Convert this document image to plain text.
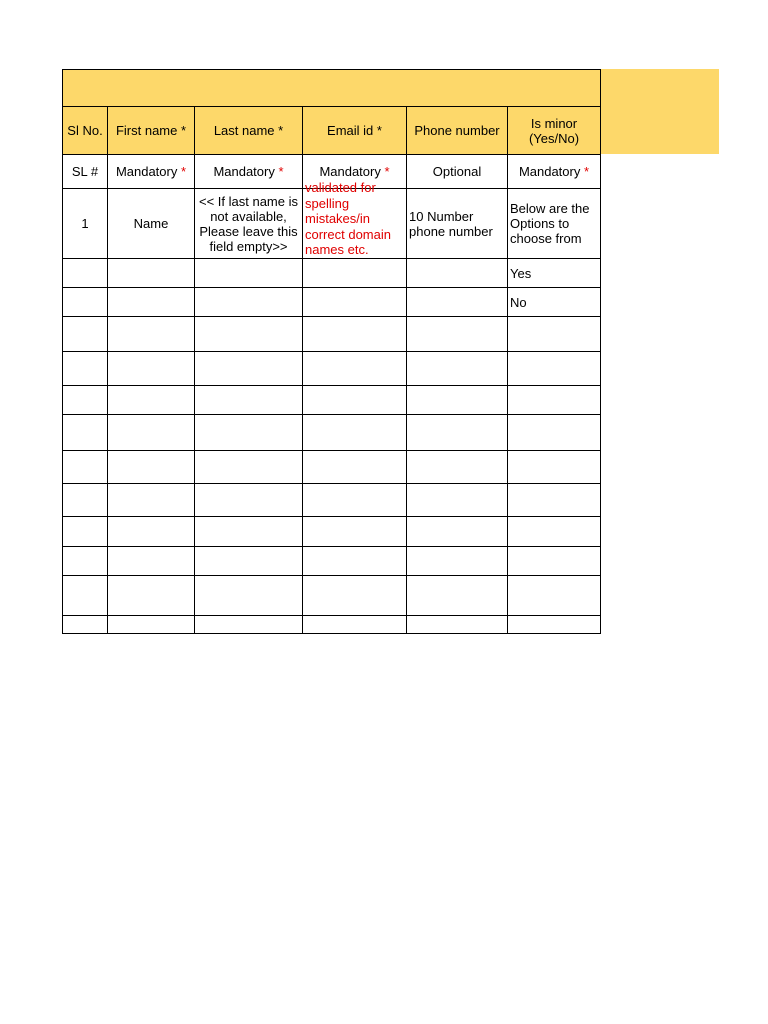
Sl No.	First name *	Last name *	Email id *	Phone number	Is minor (Yes/No)
SL #	Mandatory *	Mandatory *	Mandatory *	Optional	Mandatory *
1	Name	<< If last name is not available, Please leave this field empty>>	validated for spelling mistakes/in correct domain names etc.	10 Number phone number	Below are the Options to choose from
					Yes
					No
